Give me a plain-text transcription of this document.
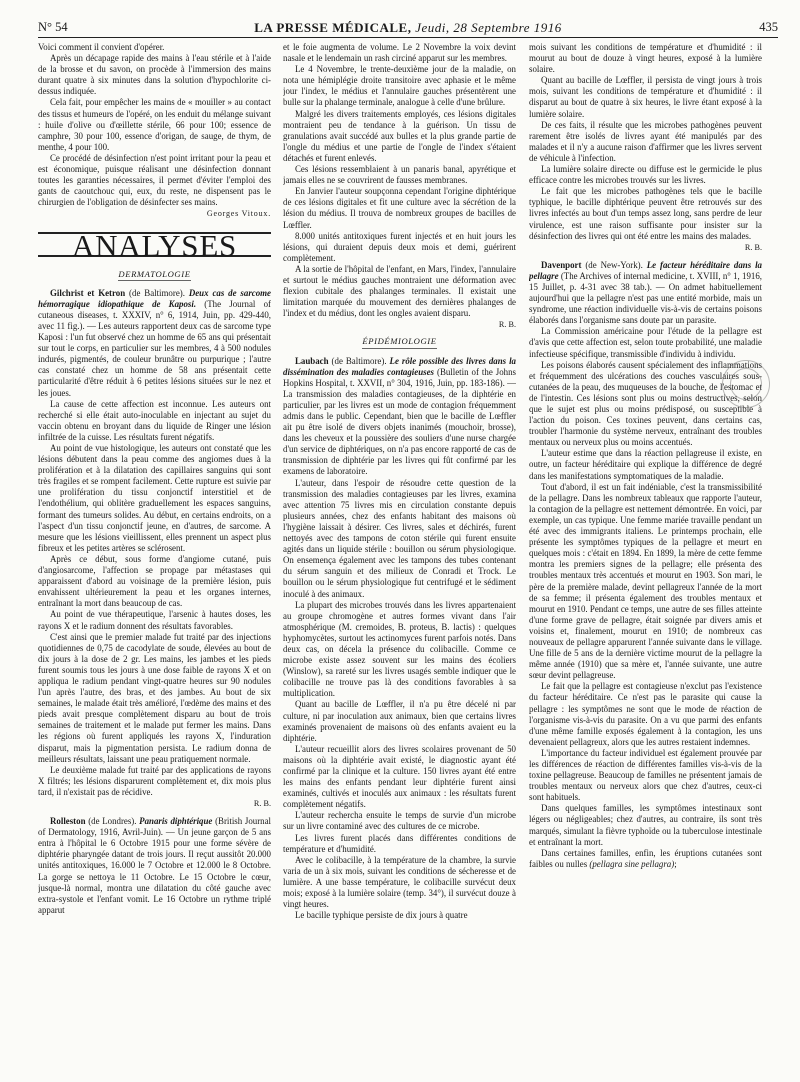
N° 54	LA PRESSE MÉDICALE, Jeudi, 28 Septembre 1916	435

Voici comment il convient d'opérer.

Après un décapage rapide des mains à l'eau stérile et à l'aide de la brosse et du savon, on procède à l'immersion des mains durant quatre à six minutes dans la solution d'hypochlorite ci-dessus indiquée.

Cela fait, pour empêcher les mains de « mouiller » au contact des tissus et humeurs de l'opéré, on les enduit du mélange suivant : huile d'olive ou d'œillette stérile, 66 pour 100; essence de camphre, 30 pour 100, essence d'origan, de sauge, de thym, de menthe, 4 pour 100.

Ce procédé de désinfection n'est point irritant pour la peau et est économique, puisque réalisant une désinfection donnant toutes les garanties nécessaires, il permet d'éviter l'emploi des gants de caoutchouc qui, eux, du reste, ne dispensent pas le chirurgien de l'obligation de désinfecter ses mains.

Georges Vitoux.

ANALYSES
DERMATOLOGIE

Gilchrist et Ketron (de Baltimore). Deux cas de sarcome hémorragique idiopathique de Kaposi. (The Journal of cutaneous diseases, t. XXXIV, n° 6, 1914, Juin, pp. 429-440, avec 11 fig.). — Les auteurs rapportent deux cas de sarcome type Kaposi : l'un fut observé chez un homme de 65 ans qui présentait sur tout le corps, en particulier sur les membres, 4 à 500 nodules indurés, pigmentés, de couleur brunâtre ou purpurique ; l'autre cas constaté chez un homme de 58 ans présentait cette particularité d'être réduit à 6 petites lésions situées sur le nez et les joues.

La cause de cette affection est inconnue. Les auteurs ont recherché si elle était auto-inoculable en injectant au sujet du vaccin obtenu en broyant dans du liquide de Ringer une lésion infiltrée de la cuisse. Les résultats furent négatifs.

Au point de vue histologique, les auteurs ont constaté que les lésions débutent dans la peau comme des angiomes dues à la prolifération et à la dilatation des capillaires sanguins qui sont très fragiles et se rompent facilement. Cette rupture est suivie par une prolifération du tissu conjonctif interstitiel et de l'endothélium, qui oblitère graduellement les espaces sanguins, formant des tumeurs solides. Au début, en certains endroits, on a l'aspect d'un tissu conjonctif jeune, en d'autres, de sarcome. A mesure que les lésions vieillissent, elles prennent un aspect plus fibreux et les petites artères se sclérosent.

Après ce début, sous forme d'angiome cutané, puis d'angiosarcome, l'affection se propage par métastases qui apparaissent d'abord au voisinage de la première lésion, puis envahissent ultérieurement la peau et les organes internes, entraînant la mort dans beaucoup de cas.

Au point de vue thérapeutique, l'arsenic à hautes doses, les rayons X et le radium donnent des résultats favorables.

C'est ainsi que le premier malade fut traité par des injections quotidiennes de 0,75 de cacodylate de soude, élevées au bout de dix jours à la dose de 2 gr. Les mains, les jambes et les pieds furent soumis tous les jours à une dose faible de rayons X et on appliqua le radium pendant vingt-quatre heures sur 90 nodules l'un après l'autre, des bras, et des jambes. Au bout de six semaines, le malade était très amélioré, l'œdème des mains et des pieds avait presque complètement disparu au bout de trois semaines de traitement et le malade put fermer les mains. Dans les régions où furent appliqués les rayons X, l'induration disparut, mais la pigmentation persista. Le radium donna de meilleurs résultats, laissant une peau pratiquement normale.

Le deuxième malade fut traité par des applications de rayons X filtrés; les lésions disparurent complètement et, dix mois plus tard, il n'existait pas de récidive.

R. B.

Rolleston (de Londres). Panaris diphtérique (British Journal of Dermatology, 1916, Avril-Juin). — Un jeune garçon de 5 ans entra à l'hôpital le 6 Octobre 1915 pour une forme sévère de diphtérie pharyngée datant de trois jours. Il reçut aussitôt 20.000 unités antitoxiques, 16.000 le 7 Octobre et 12.000 le 8 Octobre. La gorge se nettoya le 11 Octobre. Le 15 Octobre le cœur, jusque-là normal, montra une dilatation du côté gauche avec extra-systole et l'enfant vomit. Le 16 Octobre un rythme triplé apparut

et le foie augmenta de volume. Le 2 Novembre la voix devint nasale et le lendemain un rash circiné apparut sur les membres.

Le 4 Novembre, le trente-deuxième jour de la maladie, on nota une hémiplégie droite transitoire avec aphasie et le même jour l'index, le médius et l'annulaire gauches présentèrent une bulle sur la phalange terminale, analogue à celle d'une brûlure.

Malgré les divers traitements employés, ces lésions digitales montraient peu de tendance à la guérison. Un tissu de granulations avait succédé aux bulles et la plus grande partie de l'ongle du médius et une partie de l'ongle de l'index s'étaient détachés et furent enlevés.

Ces lésions ressemblaient à un panaris banal, apyrétique et jamais elles ne se couvrirent de fausses membranes.

En Janvier l'auteur soupçonna cependant l'origine diphtérique de ces lésions digitales et fit une culture avec la sécrétion de la lésion du médius. Il trouva de nombreux groupes de bacilles de Lœffler.

8.000 unités antitoxiques furent injectés et en huit jours les lésions, qui duraient depuis deux mois et demi, guérirent complètement.

A la sortie de l'hôpital de l'enfant, en Mars, l'index, l'annulaire et surtout le médius gauches montraient une déformation avec flexion cubitale des phalanges terminales. Il existait une limitation marquée du mouvement des dernières phalanges de l'index et du médius, dont les ongles avaient disparu.

R. B.

ÉPIDÉMIOLOGIE

Laubach (de Baltimore). Le rôle possible des livres dans la dissémination des maladies contagieuses (Bulletin of the Johns Hopkins Hospital, t. XXVII, n° 304, 1916, Juin, pp. 183-186). — La transmission des maladies contagieuses, de la diphtérie en particulier, par les livres est un mode de contagion fréquemment admis dans le public. Cependant, bien que le bacille de Lœffler ait pu être isolé de divers objets inanimés (mouchoir, brosse), dans les cheveux et la poussière des souliers d'une nurse chargée d'un service de diphtériques, on n'a pas encore rapporté de cas de transmission de diphtérie par les livres qui fût confirmé par les examens de laboratoire.

L'auteur, dans l'espoir de résoudre cette question de la transmission des maladies contagieuses par les livres, examina avec attention 75 livres mis en circulation constante depuis plusieurs années, chez des enfants habitant des maisons où l'hygiène laissait à désirer. Ces livres, sales et déchirés, furent nettoyés avec des tampons de coton stérile qui furent ensuite agités dans un liquide stérile : bouillon ou sérum physiologique. On ensemença également avec les tampons des tubes contenant du sérum sanguin et des milieux de Conradi et Trock. Le bouillon ou le sérum physiologique fut centrifugé et le sédiment inoculé à des animaux.

La plupart des microbes trouvés dans les livres appartenaient au groupe chromogène et autres formes vivant dans l'air atmosphérique (M. cremoides, B. proteus, B. lactis) : quelques hyphomycètes, surtout les actinomyces furent parfois notés. Dans deux cas, on décela la présence du colibacille. Comme ce microbe existe assez souvent sur les mains des écoliers (Winslow), sa rareté sur les livres usagés semble indiquer que le colibacille ne trouve pas là des conditions favorables à sa multiplication.

Quant au bacille de Lœffler, il n'a pu être décelé ni par culture, ni par inoculation aux animaux, bien que certains livres examinés provenaient de maisons où des enfants avaient eu la diphtérie.

L'auteur recueillit alors des livres scolaires provenant de 50 maisons où la diphtérie avait existé, le diagnostic ayant été confirmé par la clinique et la culture. 150 livres ayant été entre les mains des enfants pendant leur diphtérie furent ainsi examinés, cultivés et inoculés aux animaux : les résultats furent complètement négatifs.

L'auteur rechercha ensuite le temps de survie d'un microbe sur un livre contaminé avec des cultures de ce microbe.

Les livres furent placés dans différentes conditions de température et d'humidité.

Avec le colibacille, à la température de la chambre, la survie varia de un à six mois, suivant les conditions de sécheresse et de lumière. A une basse température, le colibacille survécut deux mois; exposé à la lumière solaire (temp. 34°), il survécut douze à vingt heures.

Le bacille typhique persiste de dix jours à quatre

mois suivant les conditions de température et d'humidité : il mourut au bout de douze à vingt heures, exposé à la lumière solaire.

Quant au bacille de Lœffler, il persista de vingt jours à trois mois, suivant les conditions de température et d'humidité : il disparut au bout de quatre à six heures, le livre étant exposé à la lumière solaire.

De ces faits, il résulte que les microbes pathogènes peuvent rarement être isolés de livres ayant été manipulés par des malades et il n'y a aucune raison d'affirmer que les livres servent de véhicule à l'infection.

La lumière solaire directe ou diffuse est le germicide le plus efficace contre les microbes trouvés sur les livres.

Le fait que les microbes pathogènes tels que le bacille typhique, le bacille diphtérique peuvent être retrouvés sur des livres infectés au bout d'un temps assez long, sans perdre de leur virulence, est une raison suffisante pour insister sur la désinfection des livres qui ont été entre les mains des malades.

R. B.

Davenport (de New-York). Le facteur héréditaire dans la pellagre (The Archives of internal medicine, t. XVIII, n° 1, 1916, 15 Juillet, p. 4-31 avec 38 tab.). — On admet habituellement aujourd'hui que la pellagre n'est pas une entité morbide, mais un syndrome, une réaction individuelle vis-à-vis de certains poisons élaborés dans l'organisme sans doute par un parasite.

La Commission américaine pour l'étude de la pellagre est d'avis que cette affection est, selon toute probabilité, une maladie infectieuse spécifique, transmissible d'individu à individu.

Les poisons élaborés causent spécialement des inflammations et fréquemment des ulcérations des couches vasculaires sous-cutanées de la peau, des muqueuses de la bouche, de l'estomac et de l'intestin. Ces lésions sont plus ou moins destructives, selon que le sujet est plus ou moins prédisposé, ou susceptible à l'action du poison. Ces toxines peuvent, dans certains cas, troubler l'harmonie du système nerveux, entraînant des troubles mentaux ou nerveux plus ou moins accentués.

L'auteur estime que dans la réaction pellagreuse il existe, en outre, un facteur héréditaire qui explique la différence de degré dans les manifestations symptomatiques de la maladie.

Tout d'abord, il est un fait indéniable, c'est la transmissibilité de la pellagre. Dans les nombreux tableaux que rapporte l'auteur, la contagion de la pellagre est nettement démontrée. En voici, par exemple, un cas typique. Une femme mariée travaille pendant un été avec des immigrants italiens. Le printemps prochain, elle présente les symptômes typiques de la pellagre et meurt en quelques mois : c'était en 1894. En 1899, la mère de cette femme montra les premiers signes de la pellagre; elle présenta des troubles mentaux très accentués et mourut en 1903. Son mari, le père de la première malade, devint pellagreux l'année de la mort de sa femme; il présenta également des troubles mentaux et mourut en 1910. Pendant ce temps, une autre de ses filles atteinte d'une forme grave de pellagre, était soignée par divers amis et voisins et, finalement, mourut en 1910; de nombreux cas nouveaux de pellagre apparurent l'année suivante dans le village. Une fille de 5 ans de la dernière victime mourut de la pellagre la même année (1910) que sa mère et, l'année suivante, une autre sœur devint pellagreuse.

Le fait que la pellagre est contagieuse n'exclut pas l'existence du facteur héréditaire. Ce n'est pas le parasite qui cause la pellagre : les symptômes ne sont que le mode de réaction de l'organisme vis-à-vis du parasite. On a vu que parmi des enfants d'une même famille exposés également à la contagion, les uns devenaient pellagreux, alors que les autres restaient indemnes.

L'importance du facteur individuel est également prouvée par les différences de réaction de différentes familles vis-à-vis de la toxine pellagreuse. Beaucoup de familles ne présentent jamais de troubles mentaux ou nerveux alors que chez d'autres, ceux-ci sont habituels.

Dans quelques familles, les symptômes intestinaux sont légers ou négligeables; chez d'autres, au contraire, ils sont très marqués, simulant la fièvre typhoïde ou la tuberculose intestinale et entraînant la mort.

Dans certaines familles, enfin, les éruptions cutanées sont faibles ou nulles (pellagra sine pellagra);
